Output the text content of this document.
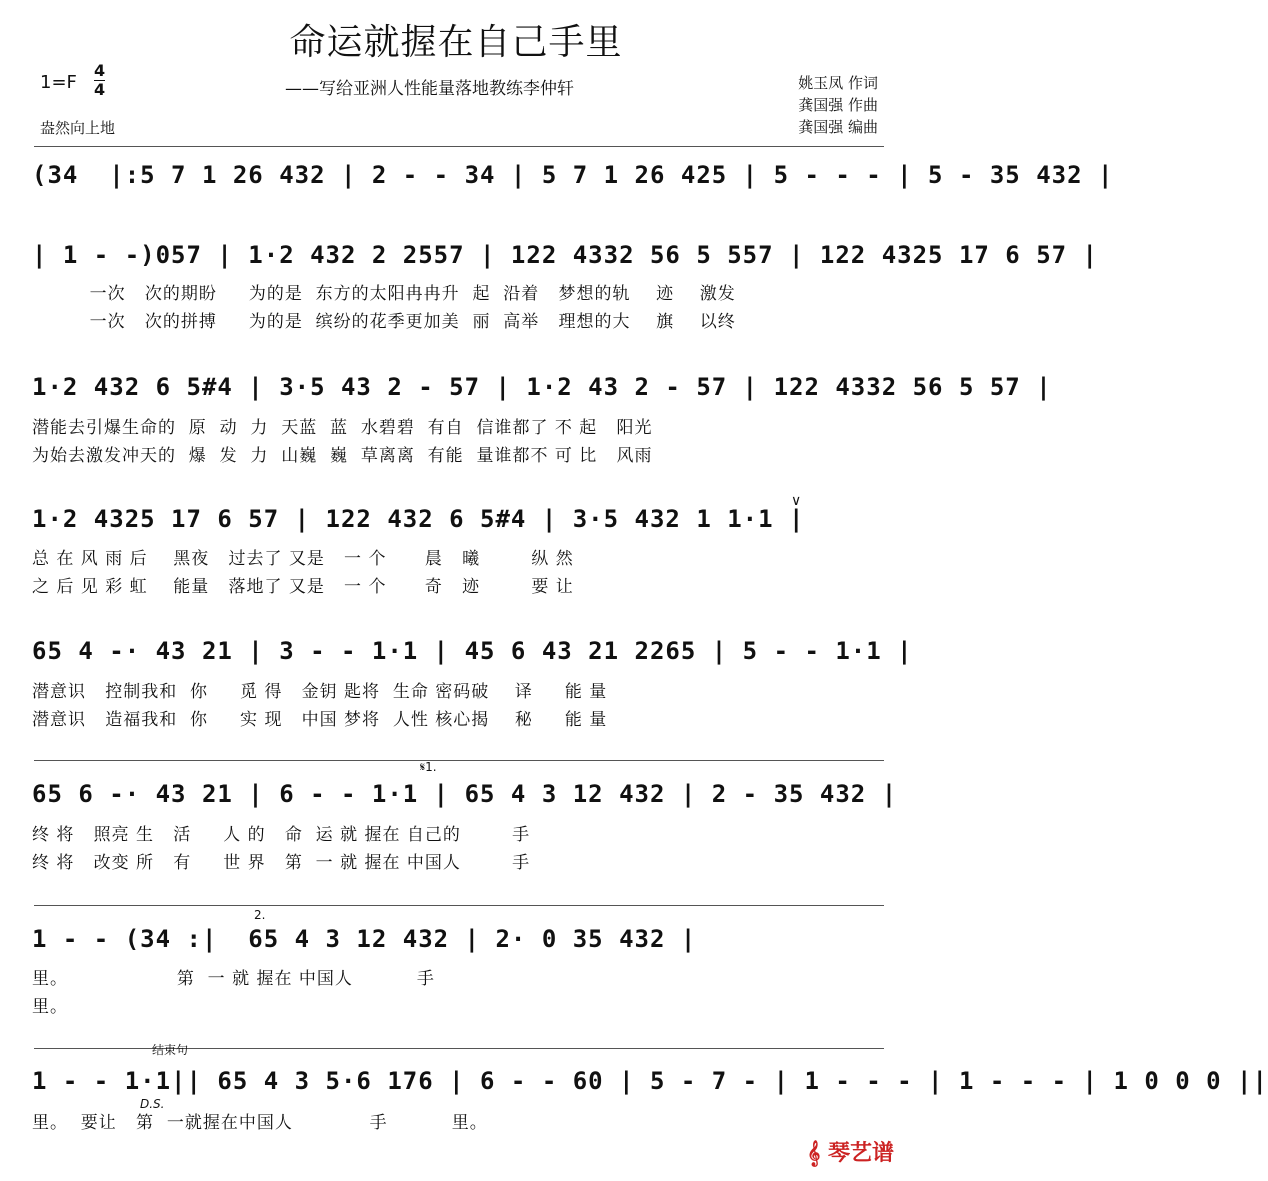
命运就握在自己手里
——写给亚洲人性能量落地教练李仲轩
$1=F \frac{4}{4}$
盎然向上地
姚玉凤 作词
龚国强 作曲
龚国强 编曲
(34  |:5 7 1 26 432 | 2 - - 34 | 5 7 1 26 425 | 5 - - - | 5 - 35 432 |
| 1 - -)057 | 1·2 432 2 2557 | 122 4332 56 5 557 | 122 4325 17 6 57 |
一次   次的期盼     为的是  东方的太阳冉冉升  起  沿着   梦想的轨    迹    激发
一次   次的拼搏     为的是  缤纷的花季更加美  丽  高举   理想的大    旗    以终
1·2 432 6 5#4 | 3·5 43 2 - 57 | 1·2 43 2 - 57 | 122 4332 56 5 57 |
潜能去引爆生命的  原  动  力  天蓝  蓝  水碧碧  有自  信谁都了 不 起   阳光
为始去激发冲天的  爆  发  力  山巍  巍  草离离  有能  量谁都不 可 比   风雨
∨
1·2 4325 17 6 57 | 122 432 6 5#4 | 3·5 432 1 1·1 |
总 在 风 雨 后    黑夜   过去了 又是   一 个      晨   曦        纵 然
之 后 见 彩 虹    能量   落地了 又是   一 个      奇   迹        要 让
65 4 -· 43 21 | 3 - - 1·1 | 45 6 43 21 2265 | 5 - - 1·1 |
潜意识   控制我和  你     觅 得   金钥 匙将  生命 密码破    译     能 量
潜意识   造福我和  你     实 现   中国 梦将  人性 核心揭    秘     能 量
𝄋1.
65 6 -· 43 21 | 6 - - 1·1 | 65 4 3 12 432 | 2 - 35 432 |
终 将   照亮 生   活     人 的   命  运 就 握在 自己的        手
终 将   改变 所   有     世 界   第  一 就 握在 中国人        手
2.
1 - - (34 :|  65 4 3 12 432 | 2· 0 35 432 |
里。                 第  一 就 握在 中国人          手
里。
结束句
1 - - 1·1|| 65 4 3 5·6 176 | 6 - - 60 | 5 - 7 - | 1 - - - | 1 - - - | 1 0 0 0 ||
D.S.
里。  要让   第  一就握在中国人            手          里。
𝄞 琴艺谱
